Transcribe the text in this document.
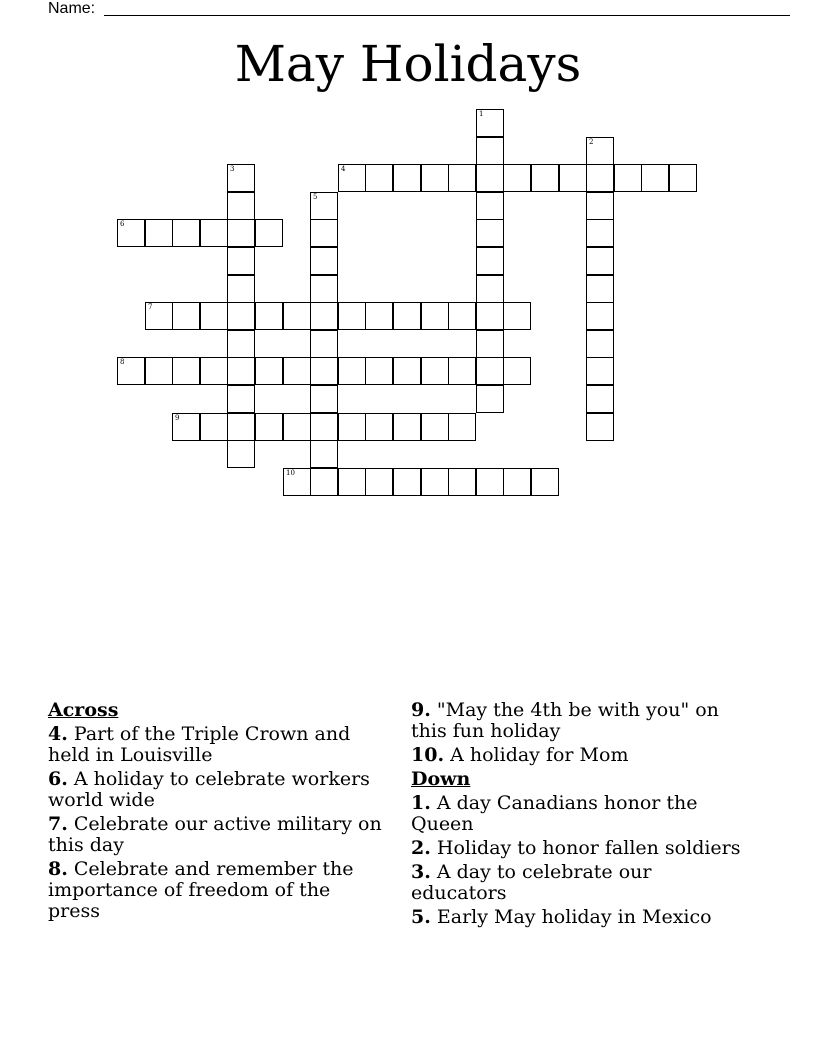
Name:
May Holidays
4
6
7
8
9
10
1
2
3
5
Across
4. Part of the Triple Crown and held in Louisville
6. A holiday to celebrate workers world wide
7. Celebrate our active military on this day
8. Celebrate and remember the importance of freedom of the press
9. "May the 4th be with you" on this fun holiday
10. A holiday for Mom
Down
1. A day Canadians honor the Queen
2. Holiday to honor fallen soldiers
3. A day to celebrate our educators
5. Early May holiday in Mexico
